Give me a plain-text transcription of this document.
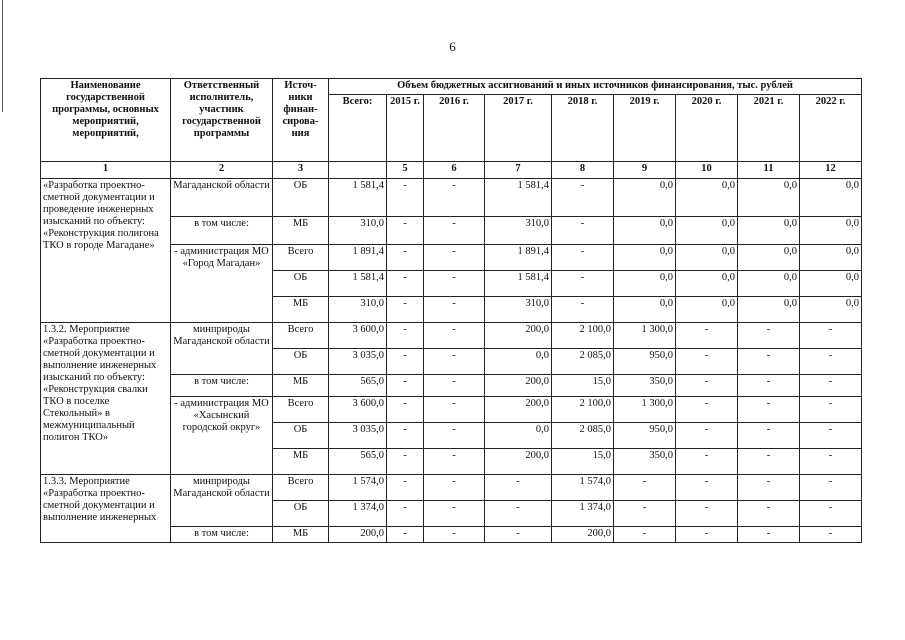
6
Наименование государственной программы, основных мероприятий, мероприятий,	Ответственный исполнитель, участник государственной программы	Источ-ники финан-сирова-ния	Объем бюджетных ассигнований и иных источников финансирования, тыс. рублей								
			Всего:	2015 г.	2016 г.	2017 г.	2018 г.	2019 г.	2020 г.	2021 г.	2022 г.
1	2	3		5	6	7	8	9	10	11	12
«Разработка проектно-сметной документации и проведение инженерных изысканий по объекту: «Реконструкция полигона ТКО в городе Магадане»	Магаданской области	ОБ	1 581,4	-	-	1 581,4	-	0,0	0,0	0,0	0,0
	в том числе:	МБ	310,0	-	-	310,0	-	0,0	0,0	0,0	0,0
	- администрация МО «Город Магадан»	Всего	1 891,4	-	-	1 891,4	-	0,0	0,0	0,0	0,0
		ОБ	1 581,4	-	-	1 581,4	-	0,0	0,0	0,0	0,0
		МБ	310,0	-	-	310,0	-	0,0	0,0	0,0	0,0
1.3.2. Мероприятие «Разработка проектно-сметной документации и выполнение инженерных изысканий по объекту: «Реконструкция свалки ТКО в поселке Стекольный» в межмуниципальный полигон ТКО»	минприроды Магаданской области	Всего	3 600,0	-	-	200,0	2 100,0	1 300,0	-	-	-
		ОБ	3 035,0	-	-	0,0	2 085,0	950,0	-	-	-
	в том числе:	МБ	565,0	-	-	200,0	15,0	350,0	-	-	-
	- администрация МО «Хасынский городской округ»	Всего	3 600,0	-	-	200,0	2 100,0	1 300,0	-	-	-
		ОБ	3 035,0	-	-	0,0	2 085,0	950,0	-	-	-
		МБ	565,0	-	-	200,0	15,0	350,0	-	-	-
1.3.3. Мероприятие «Разработка проектно-сметной документации и выполнение инженерных	минприроды Магаданской области	Всего	1 574,0	-	-	-	1 574,0	-	-	-	-
		ОБ	1 374,0	-	-	-	1 374,0	-	-	-	-
	в том числе:	МБ	200,0	-	-	-	200,0	-	-	-	-
